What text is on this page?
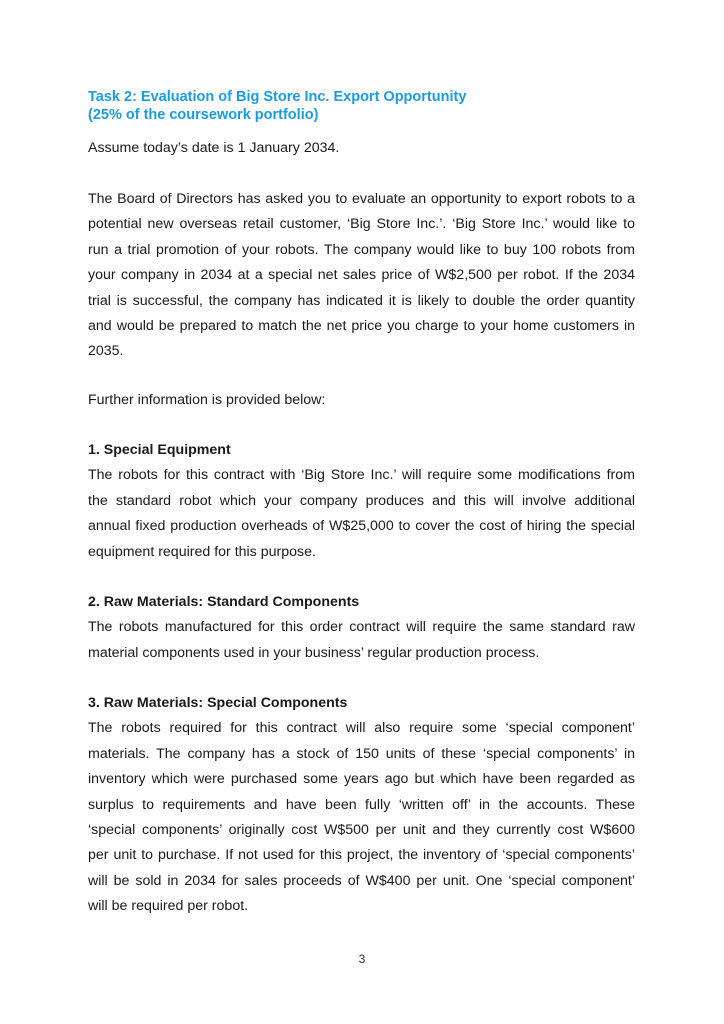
Task 2: Evaluation of Big Store Inc. Export Opportunity
(25% of the coursework portfolio)
Assume today’s date is 1 January 2034.
The Board of Directors has asked you to evaluate an opportunity to export robots to a
potential new overseas retail customer, ‘Big Store Inc.’. ‘Big Store Inc.’ would like to
run a trial promotion of your robots. The company would like to buy 100 robots from
your company in 2034 at a special net sales price of W$2,500 per robot. If the 2034
trial is successful, the company has indicated it is likely to double the order quantity
and would be prepared to match the net price you charge to your home customers in
2035.
Further information is provided below:
1. Special Equipment
The robots for this contract with ‘Big Store Inc.’ will require some modifications from
the standard robot which your company produces and this will involve additional
annual fixed production overheads of W$25,000 to cover the cost of hiring the special
equipment required for this purpose.
2. Raw Materials: Standard Components
The robots manufactured for this order contract will require the same standard raw
material components used in your business’ regular production process.
3. Raw Materials: Special Components
The robots required for this contract will also require some ‘special component’
materials. The company has a stock of 150 units of these ‘special components’ in
inventory which were purchased some years ago but which have been regarded as
surplus to requirements and have been fully ‘written off’ in the accounts. These
‘special components’ originally cost W$500 per unit and they currently cost W$600
per unit to purchase. If not used for this project, the inventory of ‘special components’
will be sold in 2034 for sales proceeds of W$400 per unit. One ‘special component’
will be required per robot.
3
